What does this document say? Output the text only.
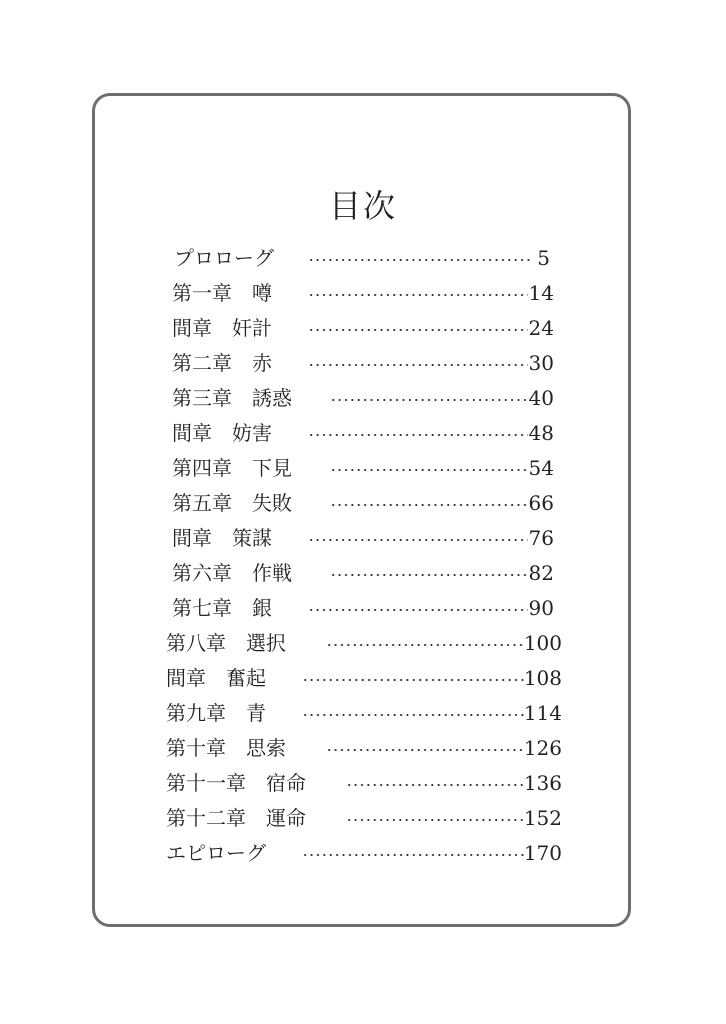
目次
プロローグ	5
第一章　噂	14
間章　奸計	24
第二章　赤	30
第三章　誘惑	40
間章　妨害	48
第四章　下見	54
第五章　失敗	66
間章　策謀	76
第六章　作戦	82
第七章　銀	90
第八章　選択	100
間章　奮起	108
第九章　青	114
第十章　思索	126
第十一章　宿命	136
第十二章　運命	152
エピローグ	170
